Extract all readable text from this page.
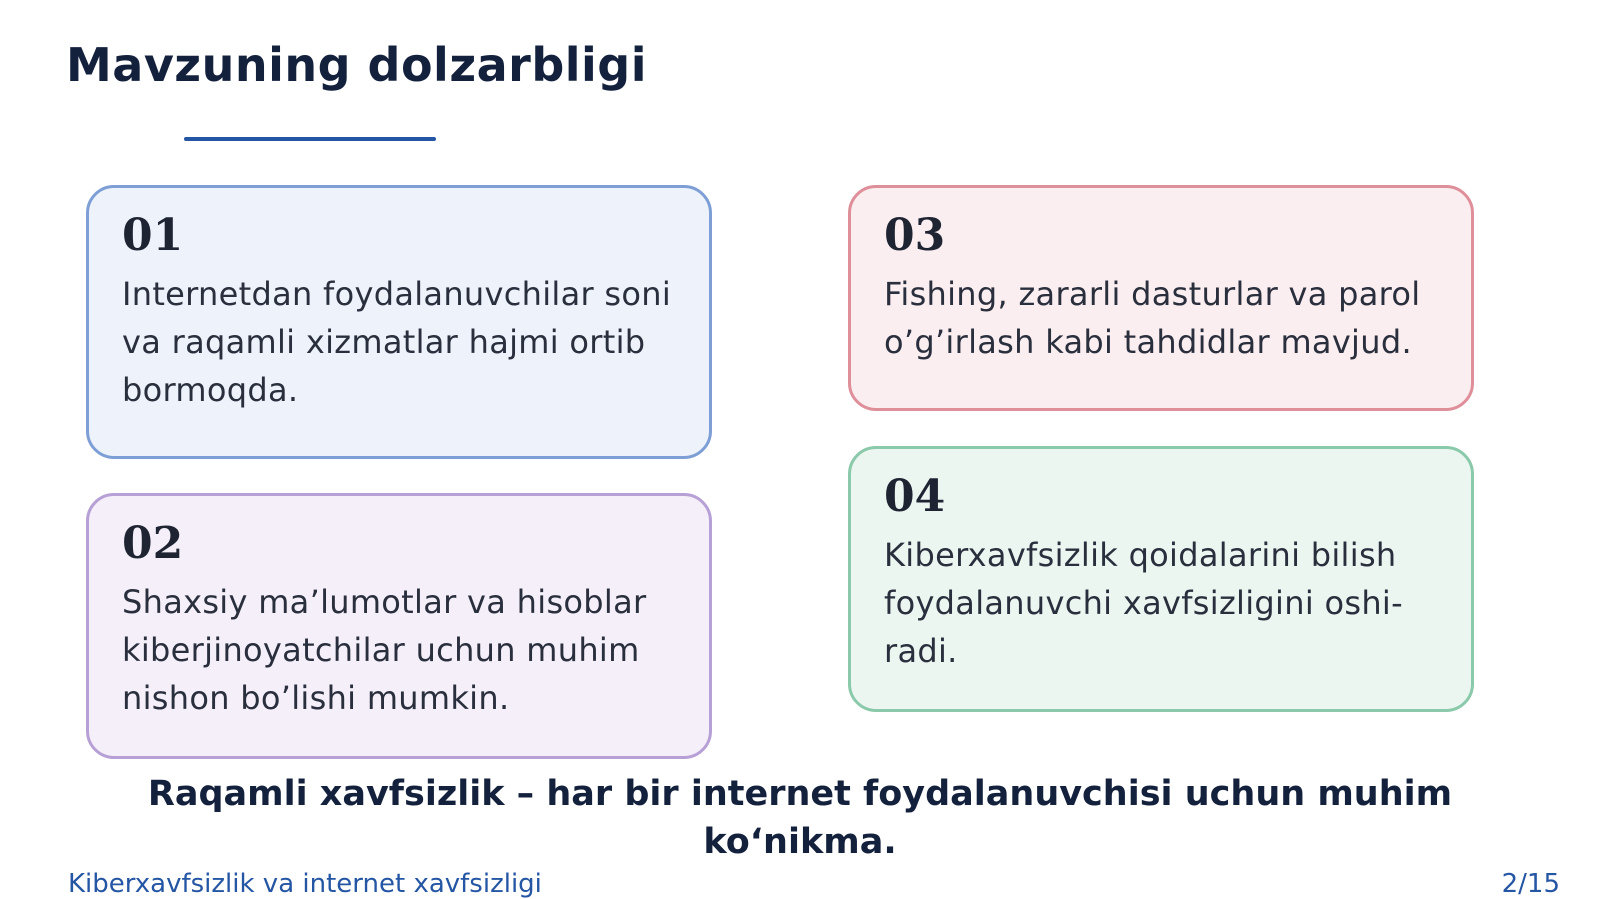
Mavzuning dolzarbligi
01
Internetdan foydalanuvchilar soni
va raqamli xizmatlar hajmi ortib
bormoqda.
02
Shaxsiy ma’lumotlar va hisoblar
kiberjinoyatchilar uchun muhim
nishon bo’lishi mumkin.
03
Fishing, zararli dasturlar va parol
o’g’irlash kabi tahdidlar mavjud.
04
Kiberxavfsizlik qoidalarini bilish
foydalanuvchi xavfsizligini oshi-
radi.

Raqamli xavfsizlik – har bir internet foydalanuvchisi uchun muhim
ko‘nikma.

Kiberxavfsizlik va internet xavfsizligi	2/15
